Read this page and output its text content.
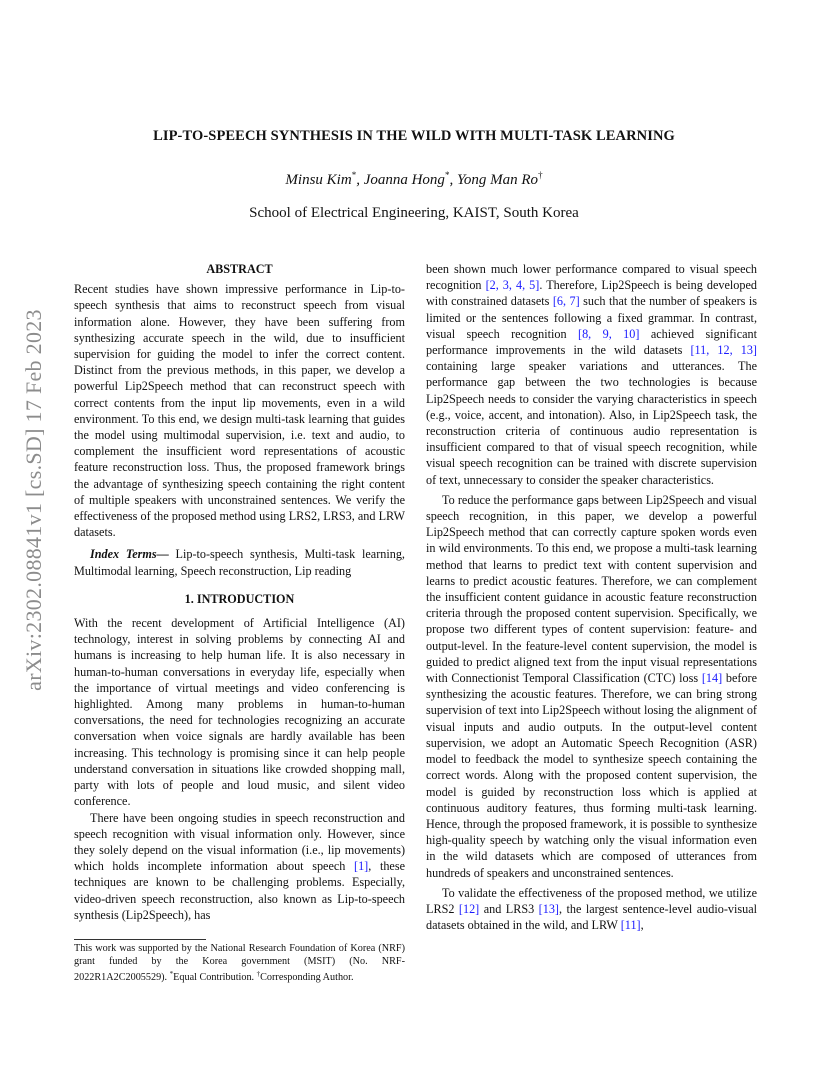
arXiv:2302.08841v1 [cs.SD] 17 Feb 2023
LIP-TO-SPEECH SYNTHESIS IN THE WILD WITH MULTI-TASK LEARNING
Minsu Kim*, Joanna Hong*, Yong Man Ro†
School of Electrical Engineering, KAIST, South Korea
ABSTRACT

Recent studies have shown impressive performance in Lip-to-speech synthesis that aims to reconstruct speech from visual information alone. However, they have been suffering from synthesizing accurate speech in the wild, due to insufficient supervision for guiding the model to infer the correct content. Distinct from the previous methods, in this paper, we develop a powerful Lip2Speech method that can reconstruct speech with correct contents from the input lip movements, even in a wild environment. To this end, we design multi-task learning that guides the model using multimodal supervision, i.e. text and audio, to complement the insufficient word representations of acoustic feature reconstruction loss. Thus, the proposed framework brings the advantage of synthesizing speech containing the right content of multiple speakers with unconstrained sentences. We verify the effectiveness of the proposed method using LRS2, LRS3, and LRW datasets.

Index Terms— Lip-to-speech synthesis, Multi-task learning, Multimodal learning, Speech reconstruction, Lip reading

1. INTRODUCTION

With the recent development of Artificial Intelligence (AI) technology, interest in solving problems by connecting AI and humans is increasing to help human life. It is also necessary in human-to-human conversations in everyday life, especially when the importance of virtual meetings and video conferencing is highlighted. Among many problems in human-to-human conversations, the need for technologies recognizing an accurate conversation when voice signals are hardly available has been increasing. This technology is promising since it can help people understand conversation in situations like crowded shopping mall, party with lots of people and loud music, and silent video conference.

There have been ongoing studies in speech reconstruction and speech recognition with visual information only. However, since they solely depend on the visual information (i.e., lip movements) which holds incomplete information about speech [1], these techniques are known to be challenging problems. Especially, video-driven speech reconstruction, also known as Lip-to-speech synthesis (Lip2Speech), has

been shown much lower performance compared to visual speech recognition [2, 3, 4, 5]. Therefore, Lip2Speech is being developed with constrained datasets [6, 7] such that the number of speakers is limited or the sentences following a fixed grammar. In contrast, visual speech recognition [8, 9, 10] achieved significant performance improvements in the wild datasets [11, 12, 13] containing large speaker variations and utterances. The performance gap between the two technologies is because Lip2Speech needs to consider the varying characteristics in speech (e.g., voice, accent, and intonation). Also, in Lip2Speech task, the reconstruction criteria of continuous audio representation is insufficient compared to that of visual speech recognition, while visual speech recognition can be trained with discrete supervision of text, unnecessary to consider the speaker characteristics.

To reduce the performance gaps between Lip2Speech and visual speech recognition, in this paper, we develop a powerful Lip2Speech method that can correctly capture spoken words even in wild environments. To this end, we propose a multi-task learning method that learns to predict text with content supervision and learns to predict acoustic features. Therefore, we can complement the insufficient content guidance in acoustic feature reconstruction criteria through the proposed content supervision. Specifically, we propose two different types of content supervision: feature- and output-level. In the feature-level content supervision, the model is guided to predict aligned text from the input visual representations with Connectionist Temporal Classification (CTC) loss [14] before synthesizing the acoustic features. Therefore, we can bring strong supervision of text into Lip2Speech without losing the alignment of visual inputs and audio outputs. In the output-level content supervision, we adopt an Automatic Speech Recognition (ASR) model to feedback the model to synthesize speech containing the correct words. Along with the proposed content supervision, the model is guided by reconstruction loss which is applied at continuous auditory features, thus forming multi-task learning. Hence, through the proposed framework, it is possible to synthesize high-quality speech by watching only the visual information even in the wild datasets which are composed of utterances from hundreds of speakers and unconstrained sentences.

To validate the effectiveness of the proposed method, we utilize LRS2 [12] and LRS3 [13], the largest sentence-level audio-visual datasets obtained in the wild, and LRW [11],

This work was supported by the National Research Foundation of Korea (NRF) grant funded by the Korea government (MSIT) (No. NRF-2022R1A2C2005529). *Equal Contribution. †Corresponding Author.
